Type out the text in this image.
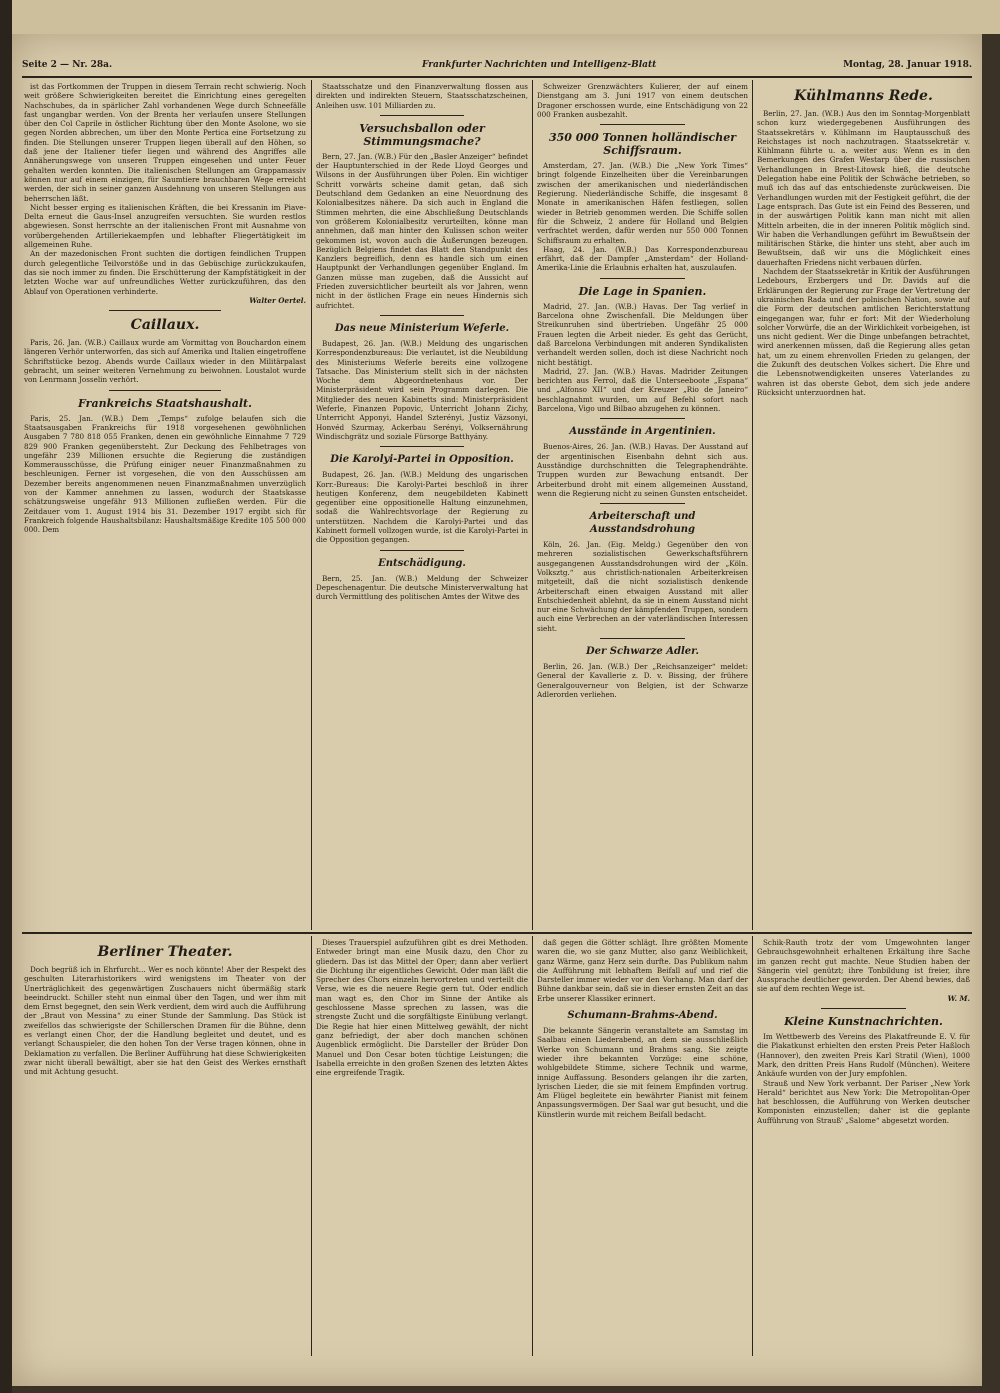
Seite 2 — Nr. 28a.	Frankfurter Nachrichten und Intelligenz-Blatt	Montag, 28. Januar 1918.

ist das Fortkommen der Truppen in diesem Terrain recht schwierig. Noch weit größere Schwierigkeiten bereitet die Einrichtung eines geregelten Nachschubes, da in spärlicher Zahl vorhandenen Wege durch Schneefälle fast ungangbar werden. Von der Brenta her verlaufen unsere Stellungen über den Col Caprile in östlicher Richtung über den Monte Asolone, wo sie gegen Norden abbrechen, um über den Monte Pertica eine Fortsetzung zu finden. Die Stellungen unserer Truppen liegen überall auf den Höhen, so daß jene der Italiener tiefer liegen und während des Angriffes alle Annäherungswege von unseren Truppen eingesehen und unter Feuer gehalten werden konnten. Die italienischen Stellungen am Grappamassiv können nur auf einem einzigen, für Saumtiere brauchbaren Wege erreicht werden, der sich in seiner ganzen Ausdehnung von unseren Stellungen aus beherrschen läßt.

Nicht besser erging es italienischen Kräften, die bei Kressanin im Piave-Delta erneut die Gaus-Insel anzugreifen versuchten. Sie wurden restlos abgewiesen. Sonst herrschte an der italienischen Front mit Ausnahme von vorübergehenden Artilleriekaempfen und lebhafter Fliegertätigkeit im allgemeinen Ruhe.

An der mazedonischen Front suchten die dortigen feindlichen Truppen durch gelegentliche Teilvorstöße und in das Gebüschige zurückzukaufen, das sie noch immer zu finden. Die Erschütterung der Kampfstätigkeit in der letzten Woche war auf unfreundliches Wetter zurückzuführen, das den Ablauf von Operationen verhinderte.

Walter Oertel.
Caillaux.

Paris, 26. Jan. (W.B.) Caillaux wurde am Vormittag von Bouchardon einem längeren Verhör unterworfen, das sich auf Amerika und Italien eingetroffene Schriftstücke bezog. Abends wurde Caillaux wieder in den Militärpalast gebracht, um seiner weiteren Vernehmung zu beiwohnen. Loustalot wurde von Lenrmann Josselin verhört.

Frankreichs Staatshaushalt.

Paris, 25. Jan. (W.B.) Dem „Temps“ zufolge belaufen sich die Staatsausgaben Frankreichs für 1918 vorgesehenen gewöhnlichen Ausgaben 7 780 818 055 Franken, denen ein gewöhnliche Einnahme 7 729 829 900 Franken gegenübersteht. Zur Deckung des Fehlbetrages von ungefähr 239 Millionen ersuchte die Regierung die zuständigen Kommerausschüsse, die Prüfung einiger neuer Finanzmaßnahmen zu beschleunigen. Ferner ist vorgesehen, die von den Ausschüssen am Dezember bereits angenommenen neuen Finanzmaßnahmen unverzüglich von der Kammer annehmen zu lassen, wodurch der Staatskasse schätzungsweise ungefähr 913 Millionen zufließen werden. Für die Zeitdauer vom 1. August 1914 bis 31. Dezember 1917 ergibt sich für Frankreich folgende Haushaltsbilanz: Haushaltsmäßige Kredite 105 500 000 000. Dem

Staatsschatze und den Finanzverwaltung flossen aus direkten und indirekten Steuern, Staatsschatzscheinen, Anleihen usw. 101 Milliarden zu.

Versuchsballon oder Stimmungsmache?

Bern, 27. Jan. (W.B.) Für den „Basler Anzeiger“ befindet der Hauptunterschied in der Rede Lloyd Georges und Wilsons in der Ausführungen über Polen. Ein wichtiger Schritt vorwärts scheine damit getan, daß sich Deutschland dem Gedanken an eine Neuordnung des Kolonialbesitzes nähere. Da sich auch in England die Stimmen mehrten, die eine Abschließung Deutschlands von größerem Kolonialbesitz verurteilten, könne man annehmen, daß man hinter den Kulissen schon weiter gekommen ist, wovon auch die Äußerungen bezeugen. Bezüglich Belgiens findet das Blatt den Standpunkt des Kanzlers begreiflich, denn es handle sich um einen Hauptpunkt der Verhandlungen gegenüber England. Im Ganzen müsse man zugeben, daß die Aussicht auf Frieden zuversichtlicher beurteilt als vor Jahren, wenn nicht in der östlichen Frage ein neues Hindernis sich aufrichtet.

Das neue Ministerium Weferle.

Budapest, 26. Jan. (W.B.) Meldung des ungarischen Korrespondenzbureaus: Die verlautet, ist die Neubildung des Ministeriums Weferle bereits eine vollzogene Tatsache. Das Ministerium stellt sich in der nächsten Woche dem Abgeordnetenhaus vor. Der Ministerpräsident wird sein Programm darlegen. Die Mitglieder des neuen Kabinetts sind: Ministerpräsident Weferle, Finanzen Popovic, Unterricht Johann Zichy, Unterricht Apponyi, Handel Szterényi, Justiz Vázsonyi, Honvéd Szurmay, Ackerbau Serényi, Volksernährung Windischgrätz und soziale Fürsorge Batthyány.

Die Karolyi-Partei in Opposition.

Budapest, 26. Jan. (W.B.) Meldung des ungarischen Korr.-Bureaus: Die Karolyi-Partei beschloß in ihrer heutigen Konferenz, dem neugebildeten Kabinett gegenüber eine oppositionelle Haltung einzunehmen, sodaß die Wahlrechtsvorlage der Regierung zu unterstützen. Nachdem die Karolyi-Partei und das Kabinett formell vollzogen wurde, ist die Karolyi-Partei in die Opposition gegangen.

Entschädigung.

Bern, 25. Jan. (W.B.) Meldung der Schweizer Depeschenagentur. Die deutsche Ministerverwaltung hat durch Vermittlung des politischen Amtes der Witwe des

Schweizer Grenzwächters Kulierer, der auf einem Dienstgang am 3. Juni 1917 von einem deutschen Dragoner erschossen wurde, eine Entschädigung von 22 000 Franken ausbezahlt.

350 000 Tonnen holländischer Schiffsraum.

Amsterdam, 27. Jan. (W.B.) Die „New York Times“ bringt folgende Einzelheiten über die Vereinbarungen zwischen der amerikanischen und niederländischen Regierung. Niederländische Schiffe, die insgesamt 8 Monate in amerikanischen Häfen festliegen, sollen wieder in Betrieb genommen werden. Die Schiffe sollen für die Schweiz, 2 andere für Holland und Belgien verfrachtet werden, dafür werden nur 550 000 Tonnen Schiffsraum zu erhalten.

Haag, 24. Jan. (W.B.) Das Korrespondenzbureau erfährt, daß der Dampfer „Amsterdam“ der Holland-Amerika-Linie die Erlaubnis erhalten hat, auszulaufen.

Die Lage in Spanien.

Madrid, 27. Jan. (W.B.) Havas. Der Tag verlief in Barcelona ohne Zwischenfall. Die Meldungen über Streikunruhen sind übertrieben. Ungefähr 25 000 Frauen legten die Arbeit nieder. Es geht das Gerücht, daß Barcelona Verbindungen mit anderen Syndikalisten verhandelt werden sollen, doch ist diese Nachricht noch nicht bestätigt.

Madrid, 27. Jan. (W.B.) Havas. Madrider Zeitungen berichten aus Ferrol, daß die Unterseeboote „Espana“ und „Alfonso XII“ und der Kreuzer „Rio de Janeiro“ beschlagnahmt wurden, um auf Befehl sofort nach Barcelona, Vigo und Bilbao abzugehen zu können.

Ausstände in Argentinien.

Buenos-Aires, 26. Jan. (W.B.) Havas. Der Ausstand auf der argentinischen Eisenbahn dehnt sich aus. Ausständige durchschnitten die Telegraphendrähte. Truppen wurden zur Bewachung entsandt. Der Arbeiterbund droht mit einem allgemeinen Ausstand, wenn die Regierung nicht zu seinen Gunsten entscheidet.

Arbeiterschaft und Ausstandsdrohung

Köln, 26. Jan. (Eig. Meldg.) Gegenüber den von mehreren sozialistischen Gewerkschaftsführern ausgegangenen Ausstandsdrohungen wird der „Köln. Volksztg.“ aus christlich-nationalen Arbeiterkreisen mitgeteilt, daß die nicht sozialistisch denkende Arbeiterschaft einen etwaigen Ausstand mit aller Entschiedenheit ablehnt, da sie in einem Ausstand nicht nur eine Schwächung der kämpfenden Truppen, sondern auch eine Verbrechen an der vaterländischen Interessen sieht.

Der Schwarze Adler.

Berlin, 26. Jan. (W.B.) Der „Reichsanzeiger“ meldet: General der Kavallerie z. D. v. Bissing, der frühere Generalgouverneur von Belgien, ist der Schwarze Adlerorden verliehen.

Kühlmanns Rede.

Berlin, 27. Jan. (W.B.) Aus den im Sonntag-Morgenblatt schon kurz wiedergegebenen Ausführungen des Staatssekretärs v. Kühlmann im Hauptausschuß des Reichstages ist noch nachzutragen. Staatssekretär v. Kühlmann führte u. a. weiter aus: Wenn es in den Bemerkungen des Grafen Westarp über die russischen Verhandlungen in Brest-Litowsk hieß, die deutsche Delegation habe eine Politik der Schwäche betrieben, so muß ich das auf das entschiedenste zurückweisen. Die Verhandlungen wurden mit der Festigkeit geführt, die der Lage entsprach. Das Gute ist ein Feind des Besseren, und in der auswärtigen Politik kann man nicht mit allen Mitteln arbeiten, die in der inneren Politik möglich sind. Wir haben die Verhandlungen geführt im Bewußtsein der militärischen Stärke, die hinter uns steht, aber auch im Bewußtsein, daß wir uns die Möglichkeit eines dauerhaften Friedens nicht verbauen dürfen.

Nachdem der Staatssekretär in Kritik der Ausführungen Ledebours, Erzbergers und Dr. Davids auf die Erklärungen der Regierung zur Frage der Vertretung der ukrainischen Rada und der polnischen Nation, sowie auf die Form der deutschen amtlichen Berichterstattung eingegangen war, fuhr er fort: Mit der Wiederholung solcher Vorwürfe, die an der Wirklichkeit vorbeigehen, ist uns nicht gedient. Wer die Dinge unbefangen betrachtet, wird anerkennen müssen, daß die Regierung alles getan hat, um zu einem ehrenvollen Frieden zu gelangen, der die Zukunft des deutschen Volkes sichert. Die Ehre und die Lebensnotwendigkeiten unseres Vaterlandes zu wahren ist das oberste Gebot, dem sich jede andere Rücksicht unterzuordnen hat.

Berliner Theater.

Doch begrüß ich in Ehrfurcht... Wer es noch könnte! Aber der Respekt des geschulten Literarhistorikers wird wenigstens im Theater von der Unerträglichkeit des gegenwärtigen Zuschauers nicht übermäßig stark beeindruckt. Schiller steht nun einmal über den Tagen, und wer ihm mit dem Ernst begegnet, den sein Werk verdient, dem wird auch die Aufführung der „Braut von Messina“ zu einer Stunde der Sammlung. Das Stück ist zweifellos das schwierigste der Schillerschen Dramen für die Bühne, denn es verlangt einen Chor, der die Handlung begleitet und deutet, und es verlangt Schauspieler, die den hohen Ton der Verse tragen können, ohne in Deklamation zu verfallen. Die Berliner Aufführung hat diese Schwierigkeiten zwar nicht überall bewältigt, aber sie hat den Geist des Werkes ernsthaft und mit Achtung gesucht.

Dieses Trauerspiel aufzuführen gibt es drei Methoden. Entweder bringt man eine Musik dazu, den Chor zu gliedern. Das ist das Mittel der Oper; dann aber verliert die Dichtung ihr eigentliches Gewicht. Oder man läßt die Sprecher des Chors einzeln hervortreten und verteilt die Verse, wie es die neuere Regie gern tut. Oder endlich man wagt es, den Chor im Sinne der Antike als geschlossene Masse sprechen zu lassen, was die strengste Zucht und die sorgfältigste Einübung verlangt. Die Regie hat hier einen Mittelweg gewählt, der nicht ganz befriedigt, der aber doch manchen schönen Augenblick ermöglicht. Die Darsteller der Brüder Don Manuel und Don Cesar boten tüchtige Leistungen; die Isabella erreichte in den großen Szenen des letzten Aktes eine ergreifende Tragik.

daß gegen die Götter schlägt. Ihre größten Momente waren die, wo sie ganz Mutter, also ganz Weiblichkeit, ganz Wärme, ganz Herz sein durfte. Das Publikum nahm die Aufführung mit lebhaftem Beifall auf und rief die Darsteller immer wieder vor den Vorhang. Man darf der Bühne dankbar sein, daß sie in dieser ernsten Zeit an das Erbe unserer Klassiker erinnert.

Schumann-Brahms-Abend.

Die bekannte Sängerin veranstaltete am Samstag im Saalbau einen Liederabend, an dem sie ausschließlich Werke von Schumann und Brahms sang. Sie zeigte wieder ihre bekannten Vorzüge: eine schöne, wohlgebildete Stimme, sichere Technik und warme, innige Auffassung. Besonders gelangen ihr die zarten, lyrischen Lieder, die sie mit feinem Empfinden vortrug. Am Flügel begleitete ein bewährter Pianist mit feinem Anpassungsvermögen. Der Saal war gut besucht, und die Künstlerin wurde mit reichem Beifall bedacht.

Schik-Rauth trotz der vom Umgewohnten langer Gebrauchsgewohnheit erhaltenen Erkältung ihre Sache im ganzen recht gut machte. Neue Studien haben der Sängerin viel genützt; ihre Tonbildung ist freier, ihre Aussprache deutlicher geworden. Der Abend bewies, daß sie auf dem rechten Wege ist.

W. M.
Kleine Kunstnachrichten.

Im Wettbewerb des Vereins des Plakatfreunde E. V. für die Plakatkunst erhielten den ersten Preis Peter Haßloch (Hannover), den zweiten Preis Karl Stratil (Wien), 1000 Mark, den dritten Preis Hans Rudolf (München). Weitere Ankäufe wurden von der Jury empfohlen.

Strauß und New York verbannt. Der Pariser „New York Herald“ berichtet aus New York: Die Metropolitan-Oper hat beschlossen, die Aufführung von Werken deutscher Komponisten einzustellen; daher ist die geplante Aufführung von Strauß' „Salome“ abgesetzt worden.
